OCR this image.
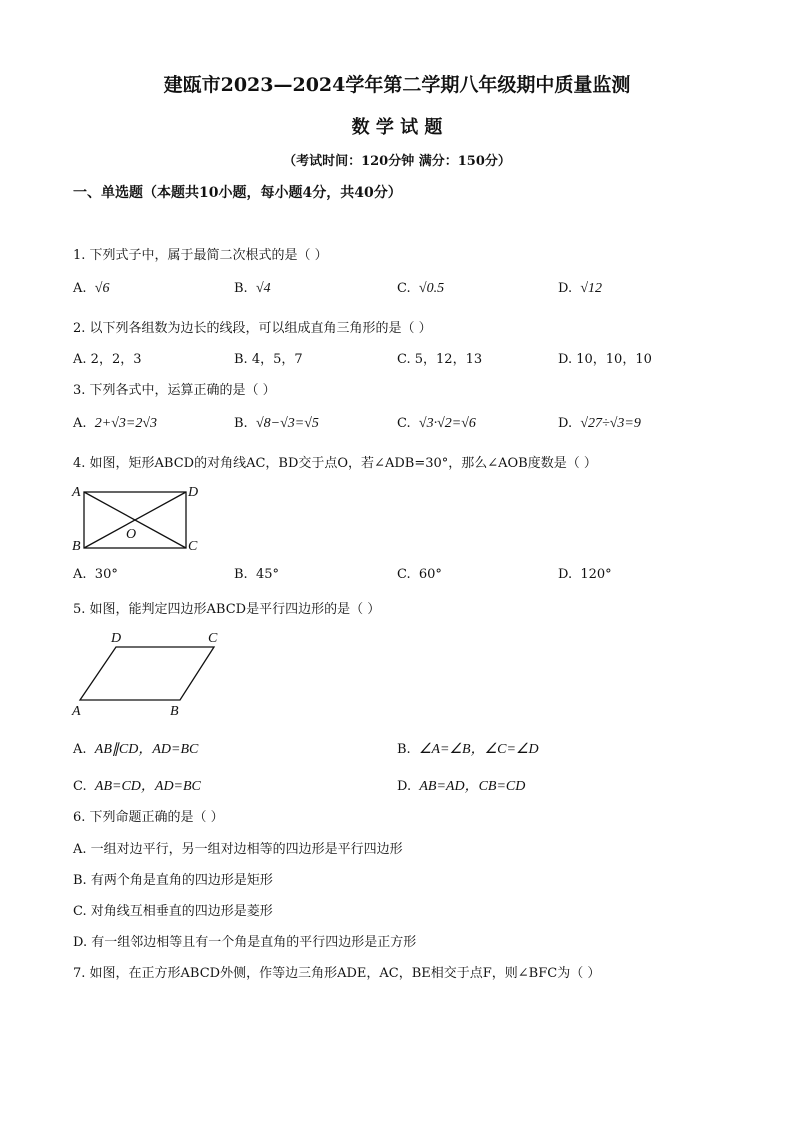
建瓯市2023—2024学年第二学期八年级期中质量监测
数 学 试 题
（考试时间：120分钟 满分：150分）
一、单选题（本题共10小题，每小题4分，共40分）
1. 下列式子中，属于最简二次根式的是（ ）
A. √6	B. √4	C. √0.5	D. √12
2. 以下列各组数为边长的线段，可以组成直角三角形的是（ ）
A. 2，2，3	B. 4，5，7	C. 5，12，13	D. 10，10，10
3. 下列各式中，运算正确的是（ ）
A. 2+√3=2√3	B. √8−√3=√5	C. √3·√2=√6	D. √27÷√3=9
4. 如图，矩形ABCD的对角线AC，BD交于点O，若∠ADB=30°，那么∠AOB度数是（ ）
A	D
O
B	C
A. 30°	B. 45°	C. 60°	D. 120°
5. 如图，能判定四边形ABCD是平行四边形的是（ ）
D	C
A	B
A. AB∥CD，AD=BC	B. ∠A=∠B，∠C=∠D
C. AB=CD，AD=BC	D. AB=AD，CB=CD
6. 下列命题正确的是（ ）
A. 一组对边平行，另一组对边相等的四边形是平行四边形
B. 有两个角是直角的四边形是矩形
C. 对角线互相垂直的四边形是菱形
D. 有一组邻边相等且有一个角是直角的平行四边形是正方形
7. 如图，在正方形ABCD外侧，作等边三角形ADE，AC，BE相交于点F，则∠BFC为（ ）
